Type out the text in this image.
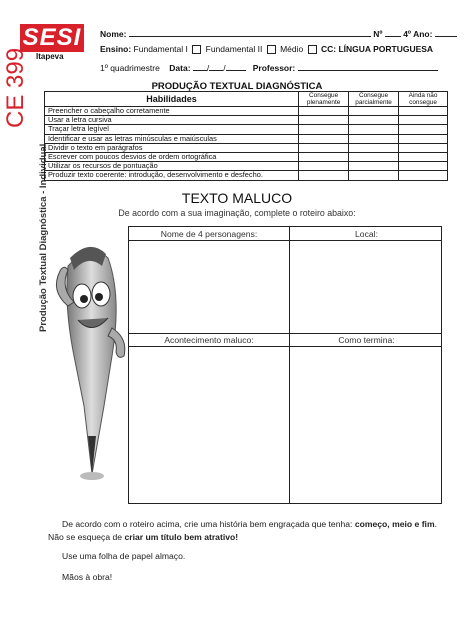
SESI
Itapeva
CE 399
Produção Textual Diagnóstica - Individual
Nome:	Nº 4º Ano:
Ensino: Fundamental I Fundamental II Médio CC: LÍNGUA PORTUGUESA
1º quadrimestre Data: / /	Professor:
PRODUÇÃO TEXTUAL DIAGNÓSTICA
Habilidades	Consegue plenamente	Consegue parcialmente	Ainda não consegue
Preencher o cabeçalho corretamente			
Usar a letra cursiva			
Traçar letra legível			
Identificar e usar as letras minúsculas e maiúsculas			
Dividir o texto em parágrafos			
Escrever com poucos desvios de ordem ortográfica			
Utilizar os recursos de pontuação			
Produzir texto coerente: introdução, desenvolvimento e desfecho.			
TEXTO MALUCO
De acordo com a sua imaginação, complete o roteiro abaixo:
Nome de 4 personagens:	Local:
Acontecimento maluco:	Como termina:
De acordo com o roteiro acima, crie uma história bem engraçada que tenha: começo, meio e fim. Não se esqueça de criar um título bem atrativo!
Use uma folha de papel almaço.
Mãos à obra!
